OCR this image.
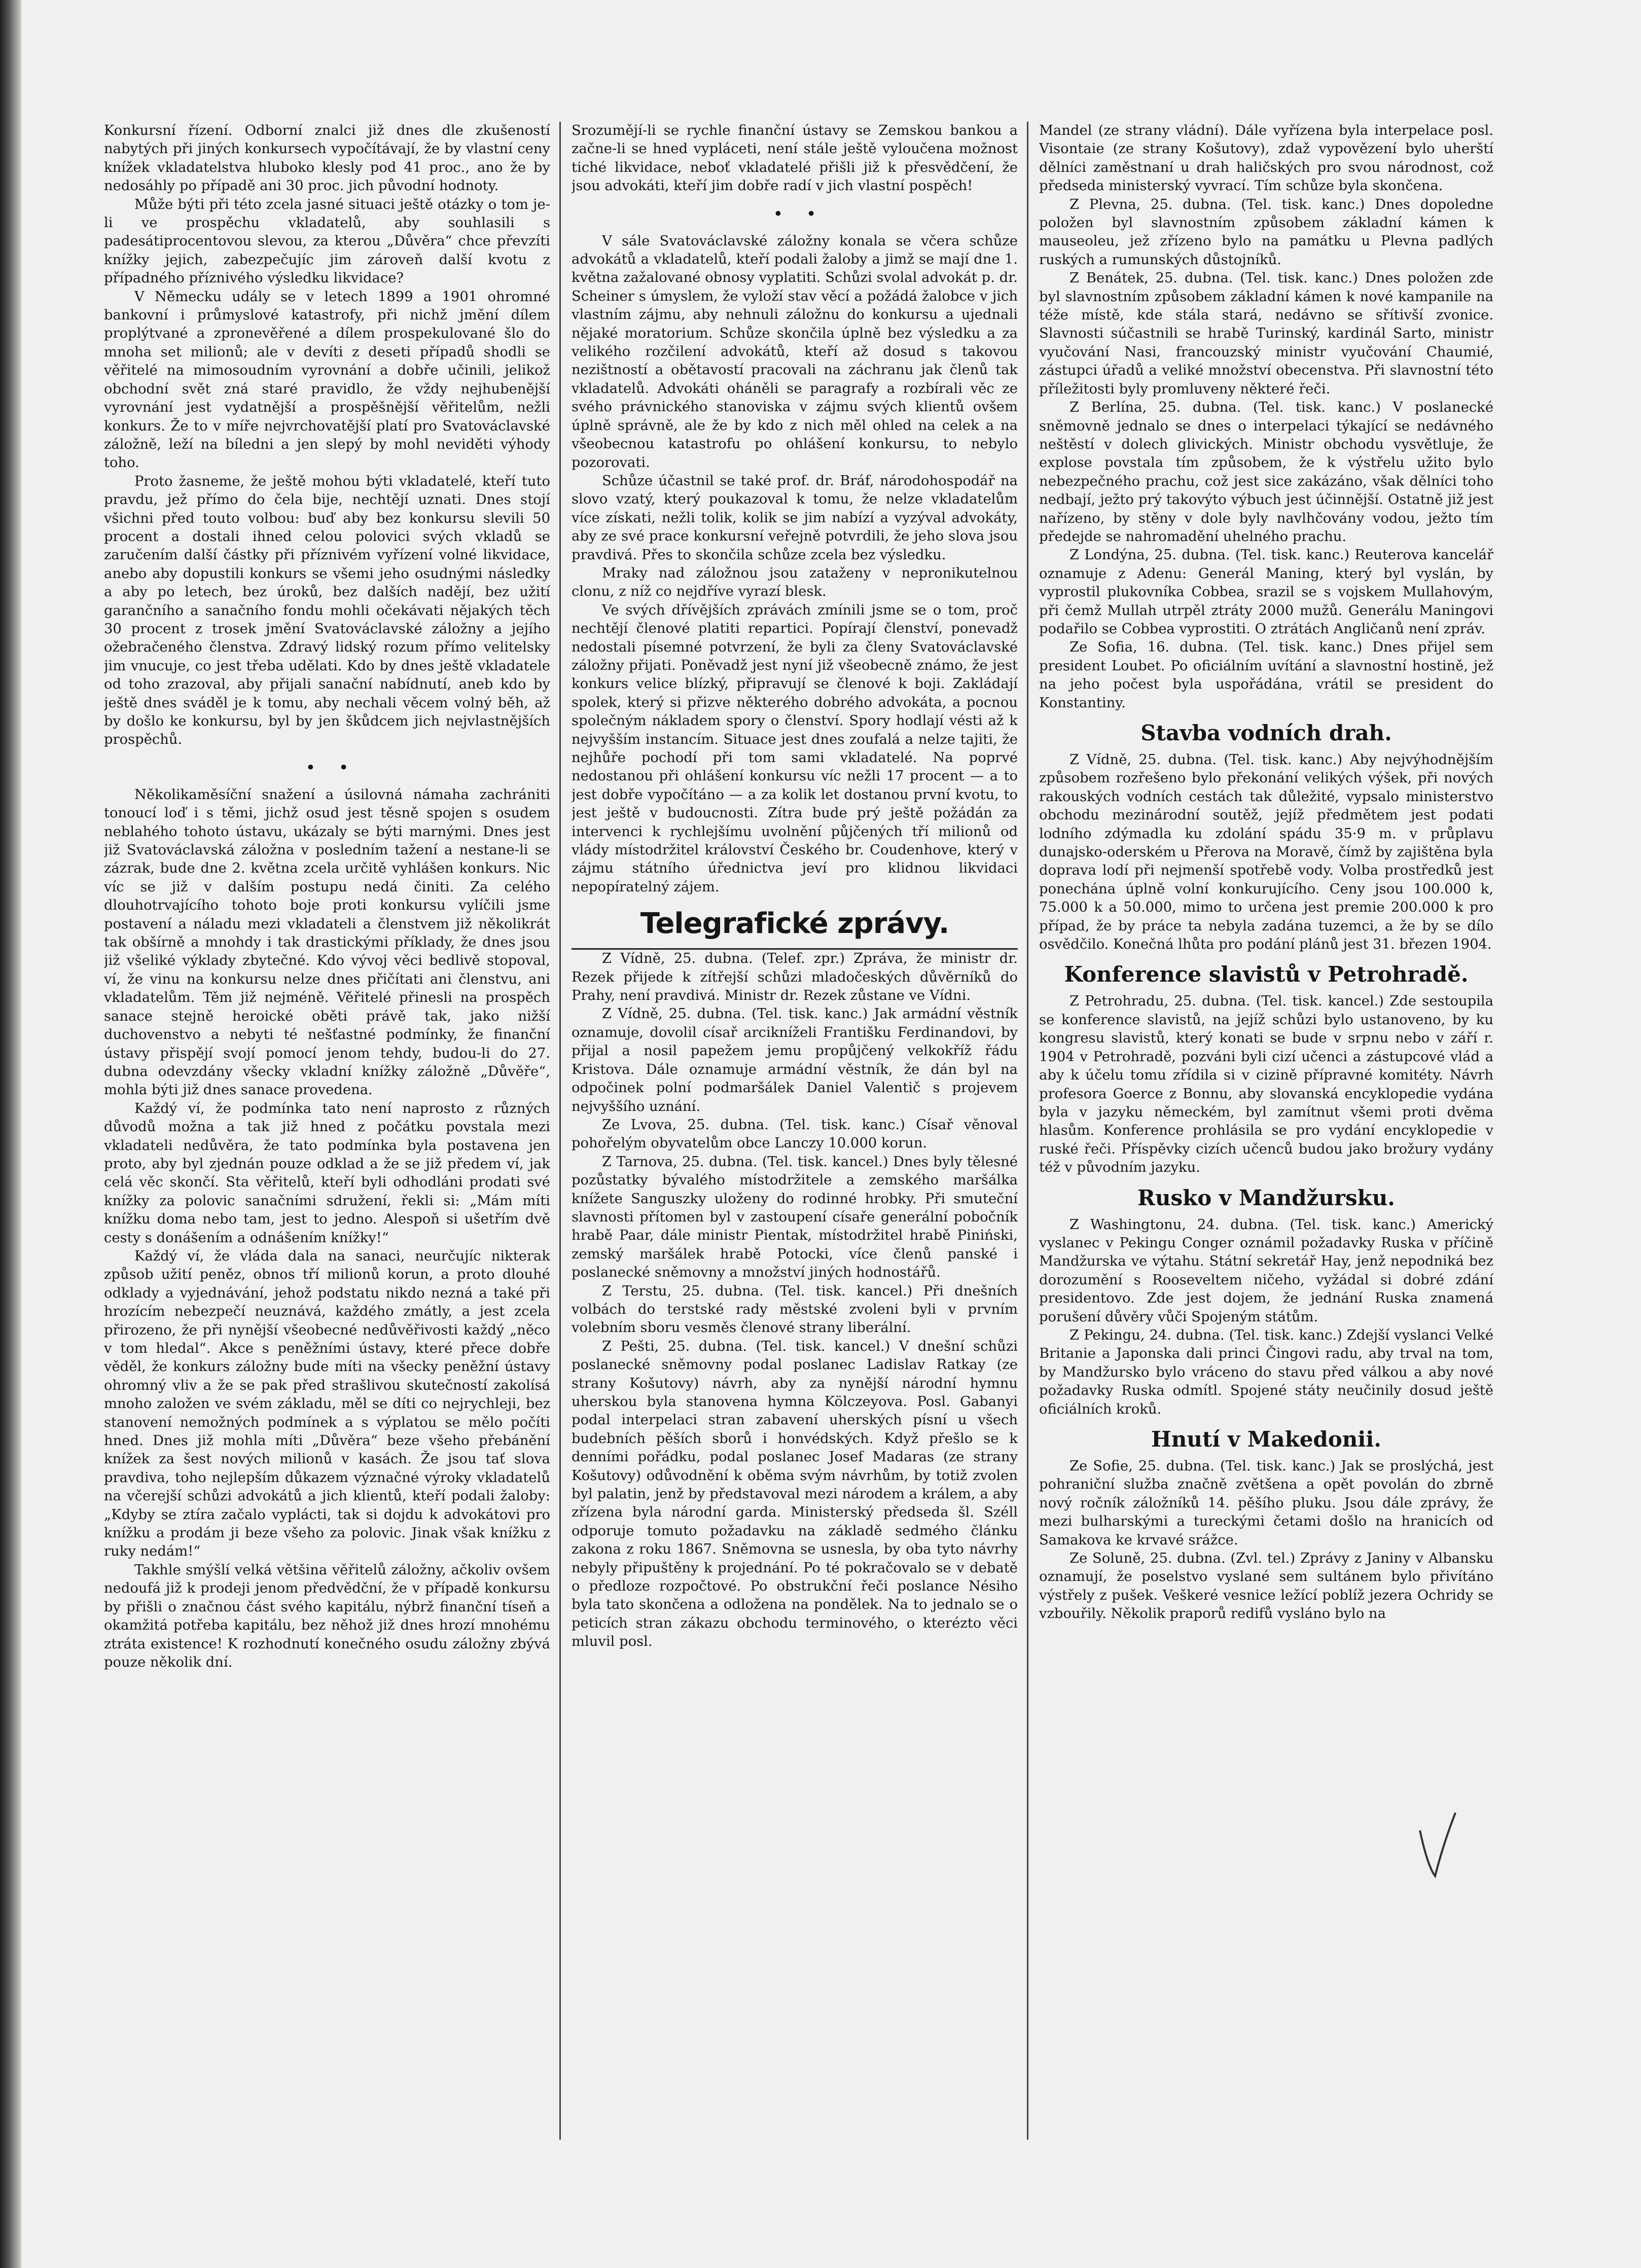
Konkursní řízení. Odborní znalci již dnes dle zkušeností nabytých při jiných konkursech vypočítávají, že by vlastní ceny knížek vkladatelstva hluboko klesly pod 41 proc., ano že by nedosáhly po případě ani 30 proc. jich původní hodnoty.

Může býti při této zcela jasné situaci ještě otázky o tom je-li ve prospěchu vkladatelů, aby souhlasili s padesátiprocentovou slevou, za kterou „Důvěra“ chce převzíti knížky jejich, zabezpečujíc jim zároveň další kvotu z případného příznivého výsledku likvidace?

V Německu udály se v letech 1899 a 1901 ohromné bankovní i průmyslové katastrofy, při nichž jmění dílem proplýtvané a zpronevěřené a dílem prospekulované šlo do mnoha set milionů; ale v devíti z deseti případů shodli se věřitelé na mimosoudním vyrovnání a dobře učinili, jelikož obchodní svět zná staré pravidlo, že vždy nejhubenější vyrovnání jest vydatnější a prospěšnější věřitelům, nežli konkurs. Že to v míře nejvrchovatější platí pro Svatováclavské záložně, leží na bíledni a jen slepý by mohl neviděti výhody toho.

Proto žasneme, že ještě mohou býti vkladatelé, kteří tuto pravdu, jež přímo do čela bije, nechtějí uznati. Dnes stojí všichni před touto volbou: buď aby bez konkursu slevili 50 procent a dostali ihned celou polovici svých vkladů se zaručením další částky při příznivém vyřízení volné likvidace, anebo aby dopustili konkurs se všemi jeho osudnými následky a aby po letech, bez úroků, bez dalších nadějí, bez užití garančního a sanačního fondu mohli očekávati nějakých těch 30 procent z trosek jmění Svatováclavské záložny a jejího ožebračeného členstva. Zdravý lidský rozum přímo velitelsky jim vnucuje, co jest třeba udělati. Kdo by dnes ještě vkladatele od toho zrazoval, aby přijali sanační nabídnutí, aneb kdo by ještě dnes sváděl je k tomu, aby nechali věcem volný běh, až by došlo ke konkursu, byl by jen škůdcem jich nejvlastnějších prospěchů.

•     •

Několikaměsíční snažení a úsilovná námaha zachrániti tonoucí loď i s těmi, jichž osud jest těsně spojen s osudem neblahého tohoto ústavu, ukázaly se býti marnými. Dnes jest již Svatováclavská záložna v posledním tažení a nestane-li se zázrak, bude dne 2. května zcela určitě vyhlášen konkurs. Nic víc se již v dalším postupu nedá činiti. Za celého dlouhotrvajícího tohoto boje proti konkursu vylíčili jsme postavení a náladu mezi vkladateli a členstvem již několikrát tak obšírně a mnohdy i tak drastickými příklady, že dnes jsou již všeliké výklady zbytečné. Kdo vývoj věci bedlivě stopoval, ví, že vinu na konkursu nelze dnes přičítati ani členstvu, ani vkladatelům. Těm již nejméně. Věřitelé přinesli na prospěch sanace stejně heroické oběti právě tak, jako nižší duchovenstvo a nebyti té nešťastné podmínky, že finanční ústavy přispějí svojí pomocí jenom tehdy, budou-li do 27. dubna odevzdány všecky vkladní knížky záložně „Důvěře“, mohla býti již dnes sanace provedena.

Každý ví, že podmínka tato není naprosto z různých důvodů možna a tak již hned z počátku povstala mezi vkladateli nedůvěra, že tato podmínka byla postavena jen proto, aby byl zjednán pouze odklad a že se již předem ví, jak celá věc skončí. Sta věřitelů, kteří byli odhodláni prodati své knížky za polovic sanačními sdružení, řekli si: „Mám míti knížku doma nebo tam, jest to jedno. Alespoň si ušetřím dvě cesty s donášením a odnášením knížky!“

Každý ví, že vláda dala na sanaci, neurčujíc nikterak způsob užití peněz, obnos tří milionů korun, a proto dlouhé odklady a vyjednávání, jehož podstatu nikdo nezná a také při hrozícím nebezpečí neuznává, každého zmátly, a jest zcela přirozeno, že při nynější všeobecné nedůvěřivosti každý „něco v tom hledal“. Akce s peněžními ústavy, které přece dobře věděl, že konkurs záložny bude míti na všecky peněžní ústavy ohromný vliv a že se pak před strašlivou skutečností zakolísá mnoho založen ve svém základu, měl se díti co nejrychleji, bez stanovení nemožných podmínek a s výplatou se mělo počíti hned. Dnes již mohla míti „Důvěra“ beze všeho přebánění knížek za šest nových milionů v kasách. Že jsou tať slova pravdiva, toho nejlepším důkazem význačné výroky vkladatelů na včerejší schůzi advokátů a jich klientů, kteří podali žaloby: „Kdyby se ztíra začalo vyplácti, tak si dojdu k advokátovi pro knížku a prodám ji beze všeho za polovic. Jinak však knížku z ruky nedám!“

Takhle smýšlí velká většina věřitelů záložny, ačkoliv ovšem nedoufá již k prodeji jenom předvědční, že v případě konkursu by přišli o značnou část svého kapitálu, nýbrž finanční tíseň a okamžitá potřeba kapitálu, bez něhož již dnes hrozí mnohému ztráta existence! K rozhodnutí konečného osudu záložny zbývá pouze několik dní.

Srozumějí-li se rychle finanční ústavy se Zemskou bankou a začne-li se hned vypláceti, není stále ještě vyloučena možnost tiché likvidace, neboť vkladatelé přišli již k přesvědčení, že jsou advokáti, kteří jim dobře radí v jich vlastní pospěch!

•     •

V sále Svatováclavské záložny konala se včera schůze advokátů a vkladatelů, kteří podali žaloby a jimž se mají dne 1. května zažalované obnosy vyplatiti. Schůzi svolal advokát p. dr. Scheiner s úmyslem, že vyloží stav věcí a požádá žalobce v jich vlastním zájmu, aby nehnuli záložnu do konkursu a ujednali nějaké moratorium. Schůze skončila úplně bez výsledku a za velikého rozčilení advokátů, kteří až dosud s takovou nezištností a obětavostí pracovali na záchranu jak členů tak vkladatelů. Advokáti oháněli se paragrafy a rozbírali věc ze svého právnického stanoviska v zájmu svých klientů ovšem úplně správně, ale že by kdo z nich měl ohled na celek a na všeobecnou katastrofu po ohlášení konkursu, to nebylo pozorovati.

Schůze účastnil se také prof. dr. Bráf, národohospodář na slovo vzatý, který poukazoval k tomu, že nelze vkladatelům více získati, nežli tolik, kolik se jim nabízí a vyzýval advokáty, aby ze své prace konkursní veřejně potvrdili, že jeho slova jsou pravdivá. Přes to skončila schůze zcela bez výsledku.

Mraky nad záložnou jsou zataženy v nepronikutelnou clonu, z níž co nejdříve vyrazí blesk.

Ve svých dřívějších zprávách zmínili jsme se o tom, proč nechtějí členové platiti repartici. Popírají členství, ponevadž nedostali písemné potvrzení, že byli za členy Svatováclavské záložny přijati. Poněvadž jest nyní již všeobecně známo, že jest konkurs velice blízký, připravují se členové k boji. Zakládají spolek, který si přizve některého dobrého advokáta, a pocnou společným nákladem spory o členství. Spory hodlají vésti až k nejvyšším instancím. Situace jest dnes zoufalá a nelze tajiti, že nejhůře pochodí při tom sami vkladatelé. Na poprvé nedostanou při ohlášení konkursu víc nežli 17 procent — a to jest dobře vypočítáno — a za kolik let dostanou první kvotu, to jest ještě v budoucnosti. Zítra bude prý ještě požádán za intervenci k rychlejšímu uvolnění půjčených tří milionů od vlády místodržitel království Českého br. Coudenhove, který v zájmu státního úřednictva jeví pro klidnou likvidaci nepopíratelný zájem.

Telegrafické zprávy.

Z Vídně, 25. dubna. (Telef. zpr.) Zpráva, že ministr dr. Rezek přijede k zítřejší schůzi mladočeských důvěrníků do Prahy, není pravdivá. Ministr dr. Rezek zůstane ve Vídni.

Z Vídně, 25. dubna. (Tel. tisk. kanc.) Jak armádní věstník oznamuje, dovolil císař arcikníželi Františku Ferdinandovi, by přijal a nosil papežem jemu propůjčený velkokříž řádu Kristova. Dále oznamuje armádní věstník, že dán byl na odpočinek polní podmaršálek Daniel Valentič s projevem nejvyššího uznání.

Ze Lvova, 25. dubna. (Tel. tisk. kanc.) Císař věnoval pohořelým obyvatelům obce Lanczy 10.000 korun.

Z Tarnova, 25. dubna. (Tel. tisk. kancel.) Dnes byly tělesné pozůstatky bývalého místodržitele a zemského maršálka knížete Sanguszky uloženy do rodinné hrobky. Při smuteční slavnosti přítomen byl v zastoupení císaře generální pobočník hrabě Paar, dále ministr Pientak, místodržitel hrabě Piniński, zemský maršálek hrabě Potocki, více členů panské i poslanecké sněmovny a množství jiných hodnostářů.

Z Terstu, 25. dubna. (Tel. tisk. kancel.) Při dnešních volbách do terstské rady městské zvoleni byli v prvním volebním sboru vesměs členové strany liberální.

Z Pešti, 25. dubna. (Tel. tisk. kancel.) V dnešní schůzi poslanecké sněmovny podal poslanec Ladislav Ratkay (ze strany Košutovy) návrh, aby za nynější národní hymnu uherskou byla stanovena hymna Kölczeyova. Posl. Gabanyi podal interpelaci stran zabavení uherských písní u všech budebních pěších sborů i honvédských. Když přešlo se k denními pořádku, podal poslanec Josef Madaras (ze strany Košutovy) odůvodnění k oběma svým návrhům, by totiž zvolen byl palatin, jenž by představoval mezi národem a králem, a aby zřízena byla národní garda. Ministerský předseda šl. Széll odporuje tomuto požadavku na základě sedmého článku zakona z roku 1867. Sněmovna se usnesla, by oba tyto návrhy nebyly připuštěny k projednání. Po té pokračovalo se v debatě o předloze rozpočtové. Po obstrukční řeči poslance Nésiho byla tato skončena a odložena na pondělek. Na to jednalo se o peticích stran zákazu obchodu terminového, o kterézto věci mluvil posl.

Mandel (ze strany vládní). Dále vyřízena byla interpelace posl. Visontaie (ze strany Košutovy), zdaž vypovězení bylo uherští dělníci zaměstnaní u drah haličských pro svou národnost, což předseda ministerský vyvrací. Tím schůze byla skončena.

Z Plevna, 25. dubna. (Tel. tisk. kanc.) Dnes dopoledne položen byl slavnostním způsobem základní kámen k mauseoleu, jež zřízeno bylo na památku u Plevna padlých ruských a rumunských důstojníků.

Z Benátek, 25. dubna. (Tel. tisk. kanc.) Dnes položen zde byl slavnostním způsobem základní kámen k nové kampanile na téže místě, kde stála stará, nedávno se sřítivší zvonice. Slavnosti súčastnili se hrabě Turinský, kardinál Sarto, ministr vyučování Nasi, francouzský ministr vyučování Chaumié, zástupci úřadů a veliké množství obecenstva. Při slavnostní této příležitosti byly promluveny některé řeči.

Z Berlína, 25. dubna. (Tel. tisk. kanc.) V poslanecké sněmovně jednalo se dnes o interpelaci týkající se nedávného neštěstí v dolech glivických. Ministr obchodu vysvětluje, že explose povstala tím způsobem, že k výstřelu užito bylo nebezpečného prachu, což jest sice zakázáno, však dělníci toho nedbají, ježto prý takovýto výbuch jest účinnější. Ostatně již jest nařízeno, by stěny v dole byly navlhčovány vodou, ježto tím předejde se nahromadění uhelného prachu.

Z Londýna, 25. dubna. (Tel. tisk. kanc.) Reuterova kancelář oznamuje z Adenu: Generál Maning, který byl vyslán, by vyprostil plukovníka Cobbea, srazil se s vojskem Mullahovým, při čemž Mullah utrpěl ztráty 2000 mužů. Generálu Maningovi podařilo se Cobbea vyprostiti. O ztrátách Angličanů není zpráv.

Ze Sofia, 16. dubna. (Tel. tisk. kanc.) Dnes přijel sem president Loubet. Po oficiálním uvítání a slavnostní hostině, jež na jeho počest byla uspořádána, vrátil se president do Konstantiny.

Stavba vodních drah.

Z Vídně, 25. dubna. (Tel. tisk. kanc.) Aby nejvýhodnějším způsobem rozřešeno bylo překonání velikých výšek, při nových rakouských vodních cestách tak důležité, vypsalo ministerstvo obchodu mezinárodní soutěž, jejíž předmětem jest podati lodního zdýmadla ku zdolání spádu 35·9 m. v průplavu dunajsko-oderském u Přerova na Moravě, čímž by zajištěna byla doprava lodí při nejmenší spotřebě vody. Volba prostředků jest ponechána úplně volní konkurujícího. Ceny jsou 100.000 k, 75.000 k a 50.000, mimo to určena jest premie 200.000 k pro případ, že by práce ta nebyla zadána tuzemci, a že by se dílo osvědčilo. Konečná lhůta pro podání plánů jest 31. březen 1904.

Konference slavistů v Petrohradě.

Z Petrohradu, 25. dubna. (Tel. tisk. kancel.) Zde sestoupila se konference slavistů, na jejíž schůzi bylo ustanoveno, by ku kongresu slavistů, který konati se bude v srpnu nebo v září r. 1904 v Petrohradě, pozváni byli cizí učenci a zástupcové vlád a aby k účelu tomu zřídila si v cizině přípravné komitéty. Návrh profesora Goerce z Bonnu, aby slovanská encyklopedie vydána byla v jazyku německém, byl zamítnut všemi proti dvěma hlasům. Konference prohlásila se pro vydání encyklopedie v ruské řeči. Příspěvky cizích učenců budou jako brožury vydány též v původním jazyku.

Rusko v Mandžursku.

Z Washingtonu, 24. dubna. (Tel. tisk. kanc.) Americký vyslanec v Pekingu Conger oznámil požadavky Ruska v příčině Mandžurska ve výtahu. Státní sekretář Hay, jenž nepodniká bez dorozumění s Rooseveltem ničeho, vyžádal si dobré zdání presidentovo. Zde jest dojem, že jednání Ruska znamená porušení důvěry vůči Spojeným státům.

Z Pekingu, 24. dubna. (Tel. tisk. kanc.) Zdejší vyslanci Velké Britanie a Japonska dali princi Čingovi radu, aby trval na tom, by Mandžursko bylo vráceno do stavu před válkou a aby nové požadavky Ruska odmítl. Spojené státy neučinily dosud ještě oficiálních kroků.

Hnutí v Makedonii.

Ze Sofie, 25. dubna. (Tel. tisk. kanc.) Jak se proslýchá, jest pohraniční služba značně zvětšena a opět povolán do zbrně nový ročník záložníků 14. pěšího pluku. Jsou dále zprávy, že mezi bulharskými a tureckými četami došlo na hranicích od Samakova ke krvavé srážce.

Ze Soluně, 25. dubna. (Zvl. tel.) Zprávy z Janiny v Albansku oznamují, že poselstvo vyslané sem sultánem bylo přivítáno výstřely z pušek. Veškeré vesnice ležící poblíž jezera Ochridy se vzbouřily. Několik praporů redifů vysláno bylo na
